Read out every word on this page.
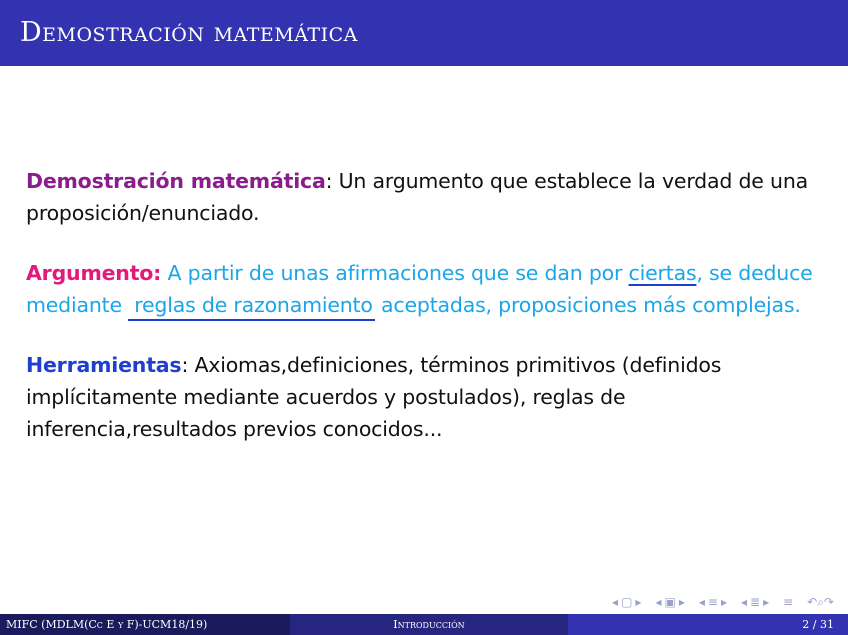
Demostración matemática

Demostración matemática: Un argumento que establece la verdad de una proposición/enunciado.

Argumento: A partir de unas afirmaciones que se dan por ciertas, se deduce mediante reglas de razonamiento aceptadas, proposiciones más complejas.

Herramientas: Axiomas,definiciones, términos primitivos (definidos implícitamente mediante acuerdos y postulados), reglas de inferencia,resultados previos conocidos...

◂ ▢ ▸ ◂ ▣ ▸ ◂ ≡ ▸ ◂ ≣ ▸ ≡ ↶⌕↷
MIFC (MDLM(Cc E y F)-UCM18/19)	Introducción	2 / 31
